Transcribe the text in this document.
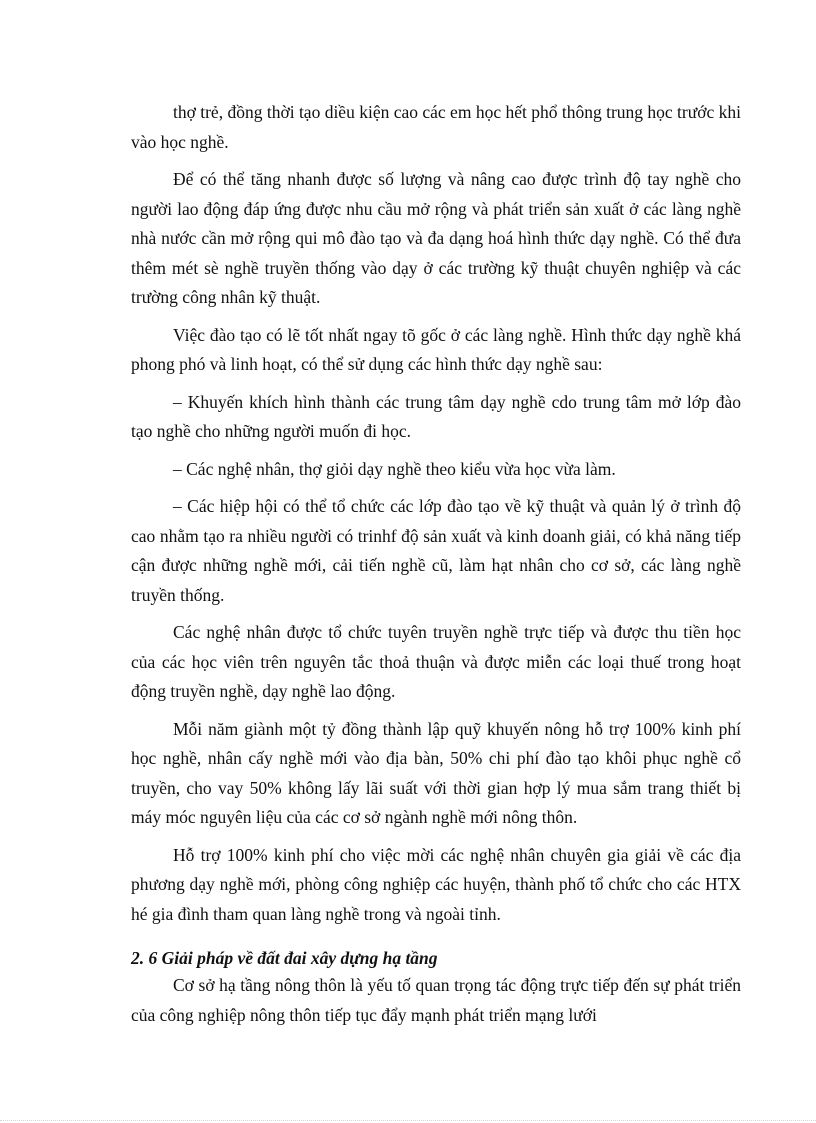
thợ trẻ, đồng thời tạo diều kiện cao các em học hết phổ thông trung học trước khi vào học nghề.

Để có thể tăng nhanh được số lượng và nâng cao được trình độ tay nghề cho người lao động đáp ứng được nhu cầu mở rộng và phát triển sản xuất ở các làng nghề nhà nước cần mở rộng qui mô đào tạo và đa dạng hoá hình thức dạy nghề. Có thể đưa thêm mét sè nghề truyền thống vào dạy ở các trường kỹ thuật chuyên nghiệp và các trường công nhân kỹ thuật.

Việc đào tạo có lẽ tốt nhất ngay tõ gốc ở các làng nghề. Hình thức dạy nghề khá phong phó và linh hoạt, có thể sử dụng các hình thức dạy nghề sau:

– Khuyến khích hình thành các trung tâm dạy nghề cdo trung tâm mở lớp đào tạo nghề cho những người muốn đi học.

– Các nghệ nhân, thợ giỏi dạy nghề theo kiểu vừa học vừa làm.

– Các hiệp hội có thể tổ chức các lớp đào tạo về kỹ thuật và quản lý ở trình độ cao nhằm tạo ra nhiều người có trinhf độ sản xuất và kinh doanh giải, có khả năng tiếp cận được những nghề mới, cải tiến nghề cũ, làm hạt nhân cho cơ sở, các làng nghề truyền thống.

Các nghệ nhân được tổ chức tuyên truyền nghề trực tiếp và được thu tiền học của các học viên trên nguyên tắc thoả thuận và được miễn các loại thuế trong hoạt động truyền nghề, dạy nghề lao động.

Mỗi năm giành một tỷ đồng thành lập quỹ khuyến nông hỗ trợ 100% kinh phí học nghề, nhân cấy nghề mới vào địa bàn, 50% chi phí đào tạo khôi phục nghề cổ truyền, cho vay 50% không lấy lãi suất với thời gian hợp lý mua sắm trang thiết bị máy móc nguyên liệu của các cơ sở ngành nghề mới nông thôn.

Hỗ trợ 100% kinh phí cho việc mời các nghệ nhân chuyên gia giải về các địa phương dạy nghề mới, phòng công nghiệp các huyện, thành phố tổ chức cho các HTX hé gia đình tham quan làng nghề trong và ngoài tỉnh.

2. 6 Giải pháp về đất đai xây dựng hạ tầng

Cơ sở hạ tầng nông thôn là yếu tố quan trọng tác động trực tiếp đến sự phát triển của công nghiệp nông thôn tiếp tục đẩy mạnh phát triển mạng lưới
